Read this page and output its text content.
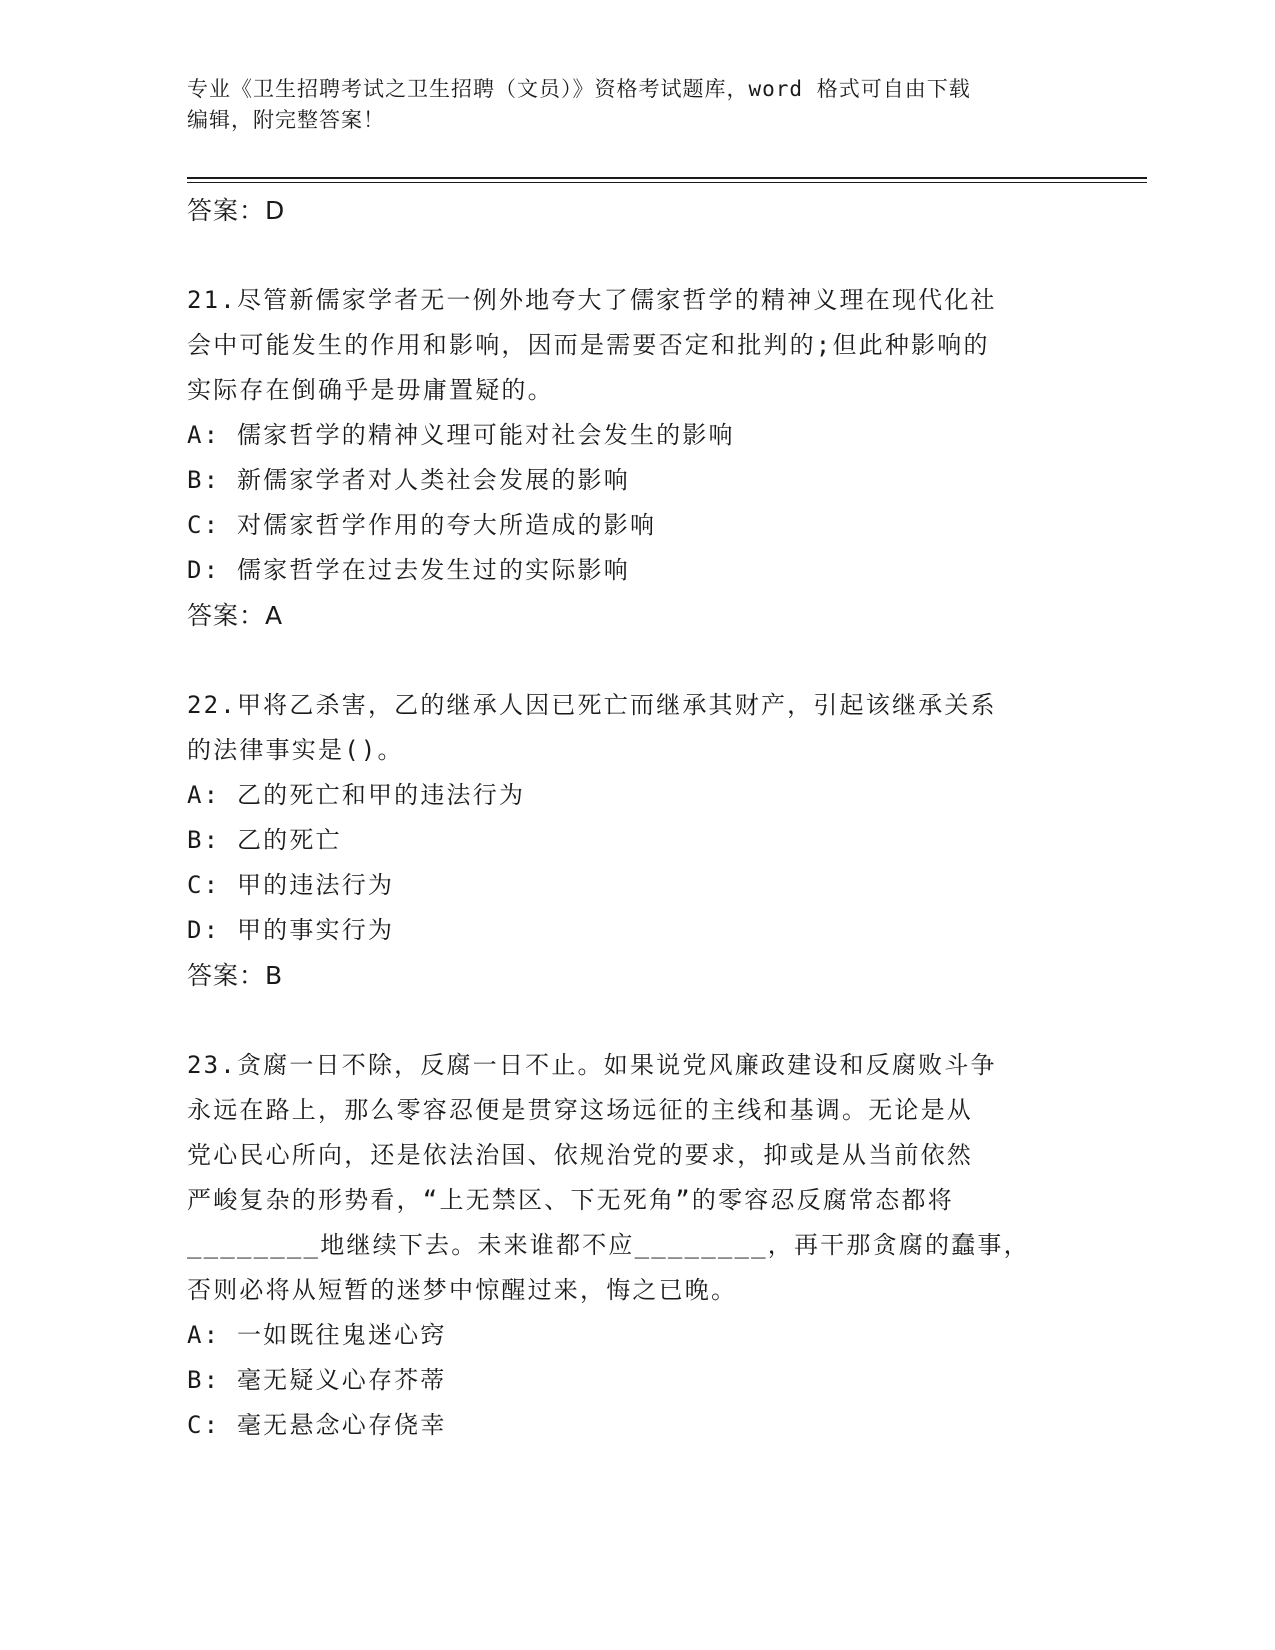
专业《卫生招聘考试之卫生招聘（文员）》资格考试题库，word 格式可自由下载
编辑，附完整答案！
答案：D
21.尽管新儒家学者无一例外地夸大了儒家哲学的精神义理在现代化社
会中可能发生的作用和影响，因而是需要否定和批判的;但此种影响的
实际存在倒确乎是毋庸置疑的。
A: 儒家哲学的精神义理可能对社会发生的影响
B: 新儒家学者对人类社会发展的影响
C: 对儒家哲学作用的夸大所造成的影响
D: 儒家哲学在过去发生过的实际影响
答案：A
22.甲将乙杀害，乙的继承人因已死亡而继承其财产，引起该继承关系
的法律事实是()。
A: 乙的死亡和甲的违法行为
B: 乙的死亡
C: 甲的违法行为
D: 甲的事实行为
答案：B
23.贪腐一日不除，反腐一日不止。如果说党风廉政建设和反腐败斗争
永远在路上，那么零容忍便是贯穿这场远征的主线和基调。无论是从
党心民心所向，还是依法治国、依规治党的要求，抑或是从当前依然
严峻复杂的形势看，“上无禁区、下无死角”的零容忍反腐常态都将
________地继续下去。未来谁都不应________，再干那贪腐的蠢事，
否则必将从短暂的迷梦中惊醒过来，悔之已晚。
A: 一如既往鬼迷心窍
B: 毫无疑义心存芥蒂
C: 毫无悬念心存侥幸
